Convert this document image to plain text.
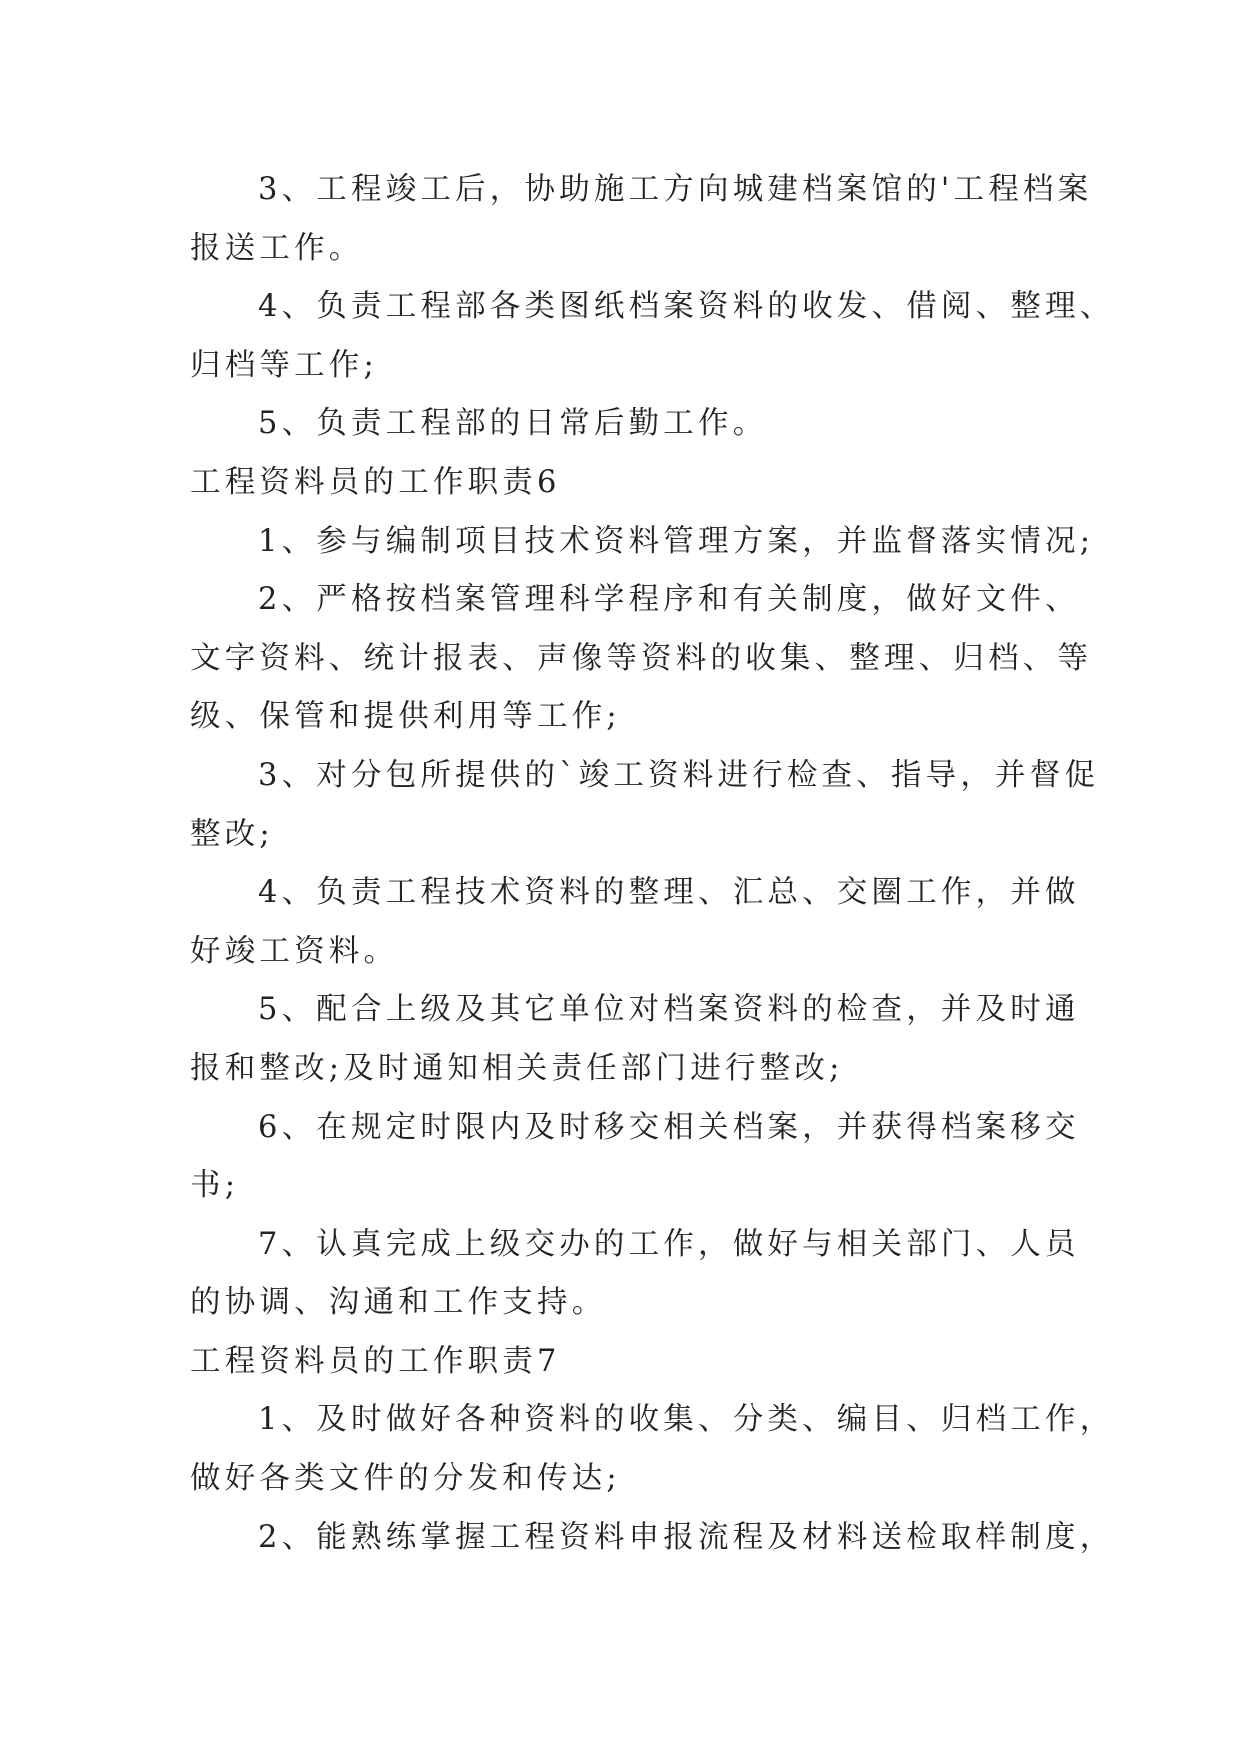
3、工程竣工后，协助施工方向城建档案馆的'工程档案
报送工作。
4、负责工程部各类图纸档案资料的收发、借阅、整理、
归档等工作;
5、负责工程部的日常后勤工作。
工程资料员的工作职责6
1、参与编制项目技术资料管理方案，并监督落实情况;
2、严格按档案管理科学程序和有关制度，做好文件、
文字资料、统计报表、声像等资料的收集、整理、归档、等
级、保管和提供利用等工作;
3、对分包所提供的`竣工资料进行检查、指导，并督促
整改;
4、负责工程技术资料的整理、汇总、交圈工作，并做
好竣工资料。
5、配合上级及其它单位对档案资料的检查，并及时通
报和整改;及时通知相关责任部门进行整改;
6、在规定时限内及时移交相关档案，并获得档案移交
书;
7、认真完成上级交办的工作，做好与相关部门、人员
的协调、沟通和工作支持。
工程资料员的工作职责7
1、及时做好各种资料的收集、分类、编目、归档工作，
做好各类文件的分发和传达;
2、能熟练掌握工程资料申报流程及材料送检取样制度，
